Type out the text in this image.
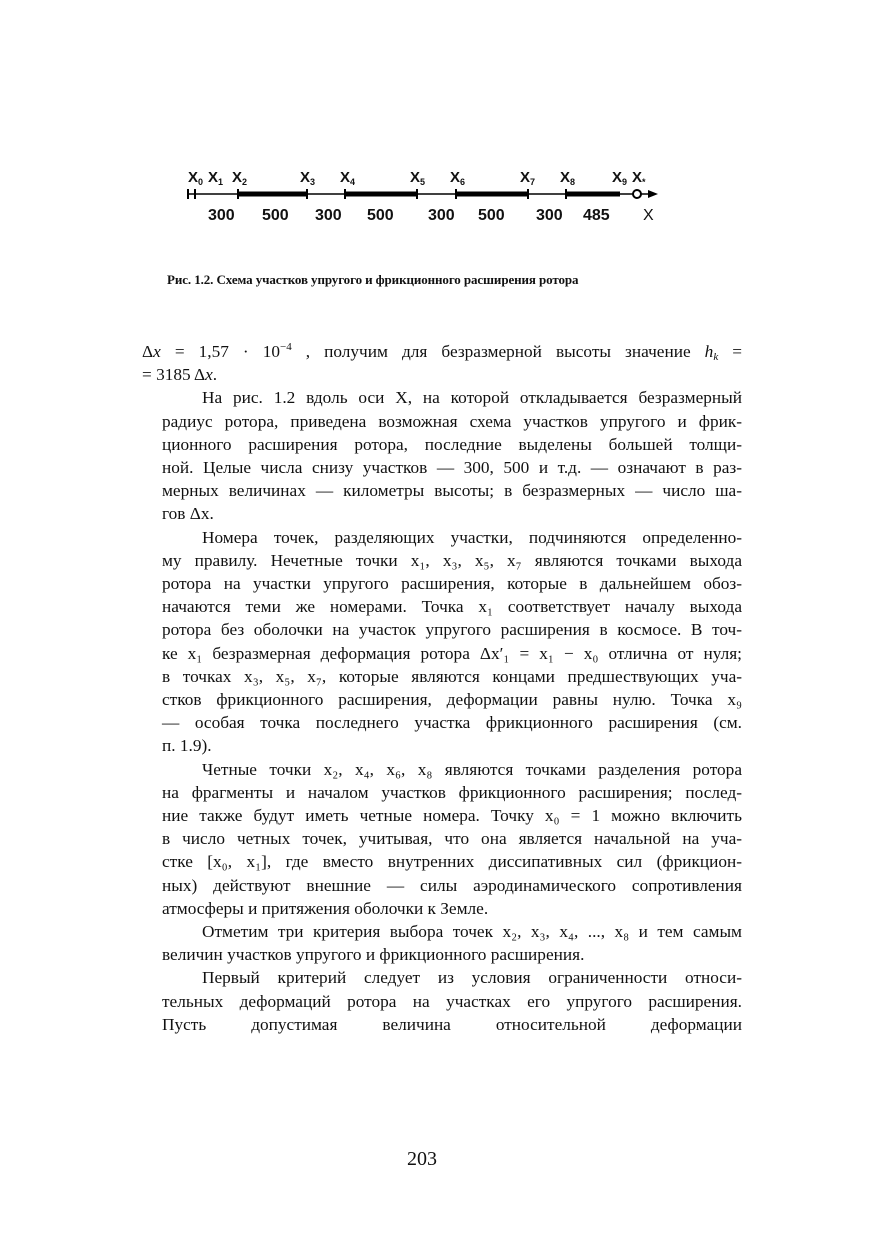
$X_0$ $X_1$ $X_2$	$X_3$ $X_4$	$X_5$ $X_6$	$X_7$ $X_8$ $X_9$ $X_*$
300 500 300 500 300 500 300 485 X
Рис. 1.2. Схема участков упругого и фрикционного расширения ротора

$\Delta x = 1,57 \cdot 10^{-4}$ , получим для безразмерной высоты значение $h_k$ =
= 3185 Δx.

На рис. 1.2 вдоль оси X, на которой откладывается безразмерный
радиус ротора, приведена возможная схема участков упругого и фрик-
ционного расширения ротора, последние выделены большей толщи-
ной. Целые числа снизу участков — 300, 500 и т.д. — означают в раз-
мерных величинах — километры высоты; в безразмерных — число ша-
гов Δx.

Номера точек, разделяющих участки, подчиняются определенно-
му правилу. Нечетные точки x₁, x₃, x₅, x₇ являются точками выхода
ротора на участки упругого расширения, которые в дальнейшем обоз-
начаются теми же номерами. Точка x₁ соответствует началу выхода
ротора без оболочки на участок упругого расширения в космосе. В точ-
ке x₁ безразмерная деформация ротора Δx′₁ = x₁ − x₀ отлична от нуля;
в точках x₃, x₅, x₇, которые являются концами предшествующих уча-
стков фрикционного расширения, деформации равны нулю. Точка x₉
— особая точка последнего участка фрикционного расширения (см.
п. 1.9).

Четные точки x₂, x₄, x₆, x₈ являются точками разделения ротора
на фрагменты и началом участков фрикционного расширения; послед-
ние также будут иметь четные номера. Точку x₀ = 1 можно включить
в число четных точек, учитывая, что она является начальной на уча-
стке [x₀, x₁], где вместо внутренних диссипативных сил (фрикцион-
ных) действуют внешние — силы аэродинамического сопротивления
атмосферы и притяжения оболочки к Земле.

Отметим три критерия выбора точек x₂, x₃, x₄, ..., x₈ и тем самым
величин участков упругого и фрикционного расширения.

Первый критерий следует из условия ограниченности относи-
тельных деформаций ротора на участках его упругого расширения.
Пусть допустимая величина относительной деформации

203
